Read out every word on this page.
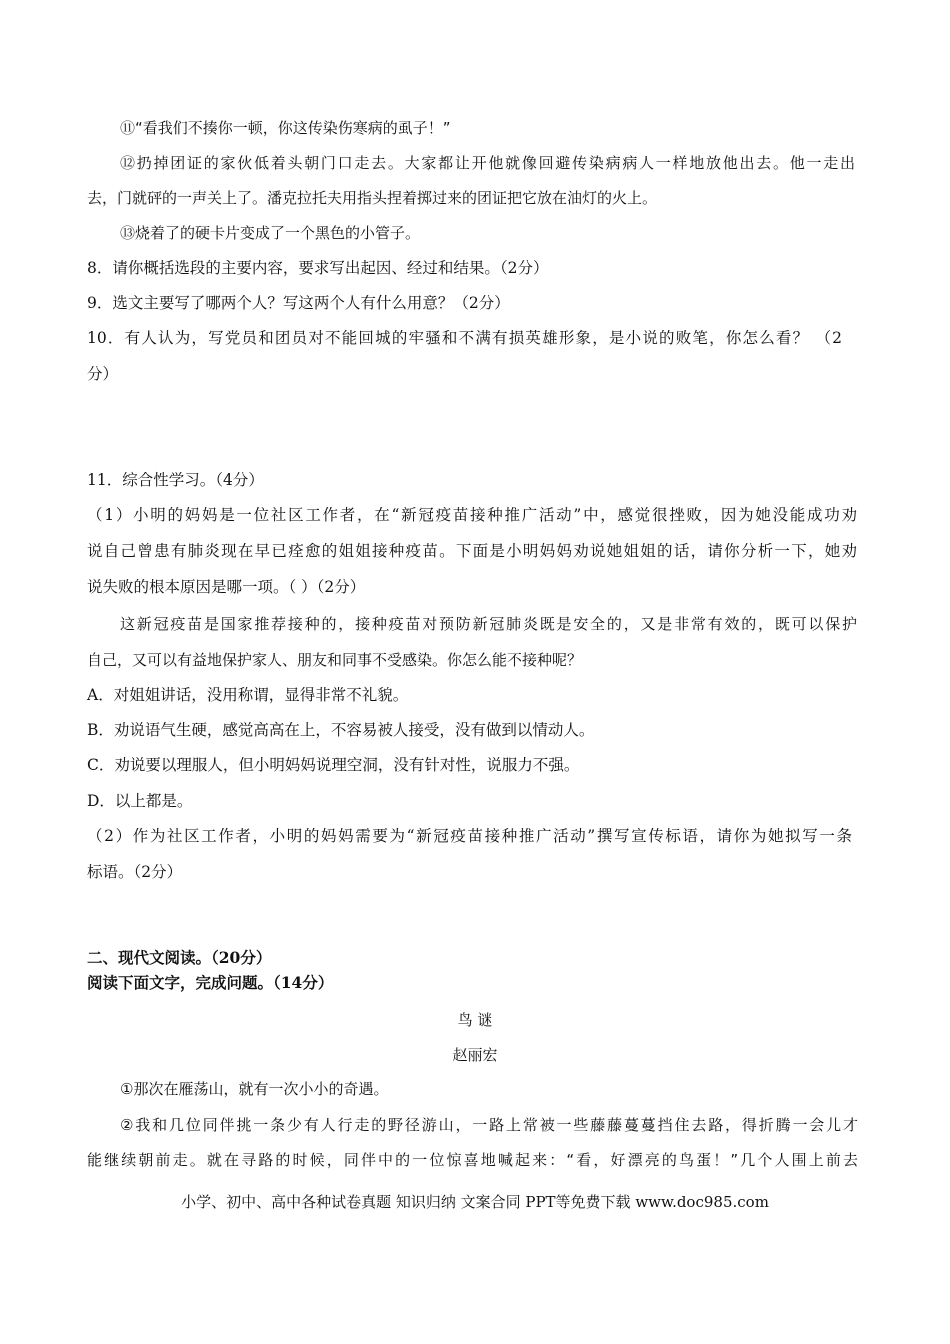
⑪“看我们不揍你一顿，你这传染伤寒病的虱子！”
⑫扔掉团证的家伙低着头朝门口走去。大家都让开他就像回避传染病病人一样地放他出去。他一走出
去，门就砰的一声关上了。潘克拉托夫用指头捏着掷过来的团证把它放在油灯的火上。
⑬烧着了的硬卡片变成了一个黑色的小管子。
8．请你概括选段的主要内容，要求写出起因、经过和结果。（2分）
9．选文主要写了哪两个人？写这两个人有什么用意？（2分）
10．有人认为，写党员和团员对不能回城的牢骚和不满有损英雄形象，是小说的败笔，你怎么看？ （2
分）
11．综合性学习。（4分）
（1）小明的妈妈是一位社区工作者，在“新冠疫苗接种推广活动”中，感觉很挫败，因为她没能成功劝
说自己曾患有肺炎现在早已痊愈的姐姐接种疫苗。下面是小明妈妈劝说她姐姐的话，请你分析一下，她劝
说失败的根本原因是哪一项。（ ）（2分）
这新冠疫苗是国家推荐接种的，接种疫苗对预防新冠肺炎既是安全的，又是非常有效的，既可以保护
自己，又可以有益地保护家人、朋友和同事不受感染。你怎么能不接种呢？
A．对姐姐讲话，没用称谓，显得非常不礼貌。
B．劝说语气生硬，感觉高高在上，不容易被人接受，没有做到以情动人。
C．劝说要以理服人，但小明妈妈说理空洞，没有针对性，说服力不强。
D．以上都是。
（2）作为社区工作者，小明的妈妈需要为“新冠疫苗接种推广活动”撰写宣传标语，请你为她拟写一条
标语。（2分）
二、现代文阅读。（20分）
阅读下面文字，完成问题。（14分）
鸟 谜
赵丽宏
①那次在雁荡山，就有一次小小的奇遇。
②我和几位同伴挑一条少有人行走的野径游山，一路上常被一些藤藤蔓蔓挡住去路，得折腾一会儿才
能继续朝前走。就在寻路的时候，同伴中的一位惊喜地喊起来：“看，好漂亮的鸟蛋！”几个人围上前去
小学、初中、高中各种试卷真题 知识归纳 文案合同 PPT等免费下载 www.doc985.com
